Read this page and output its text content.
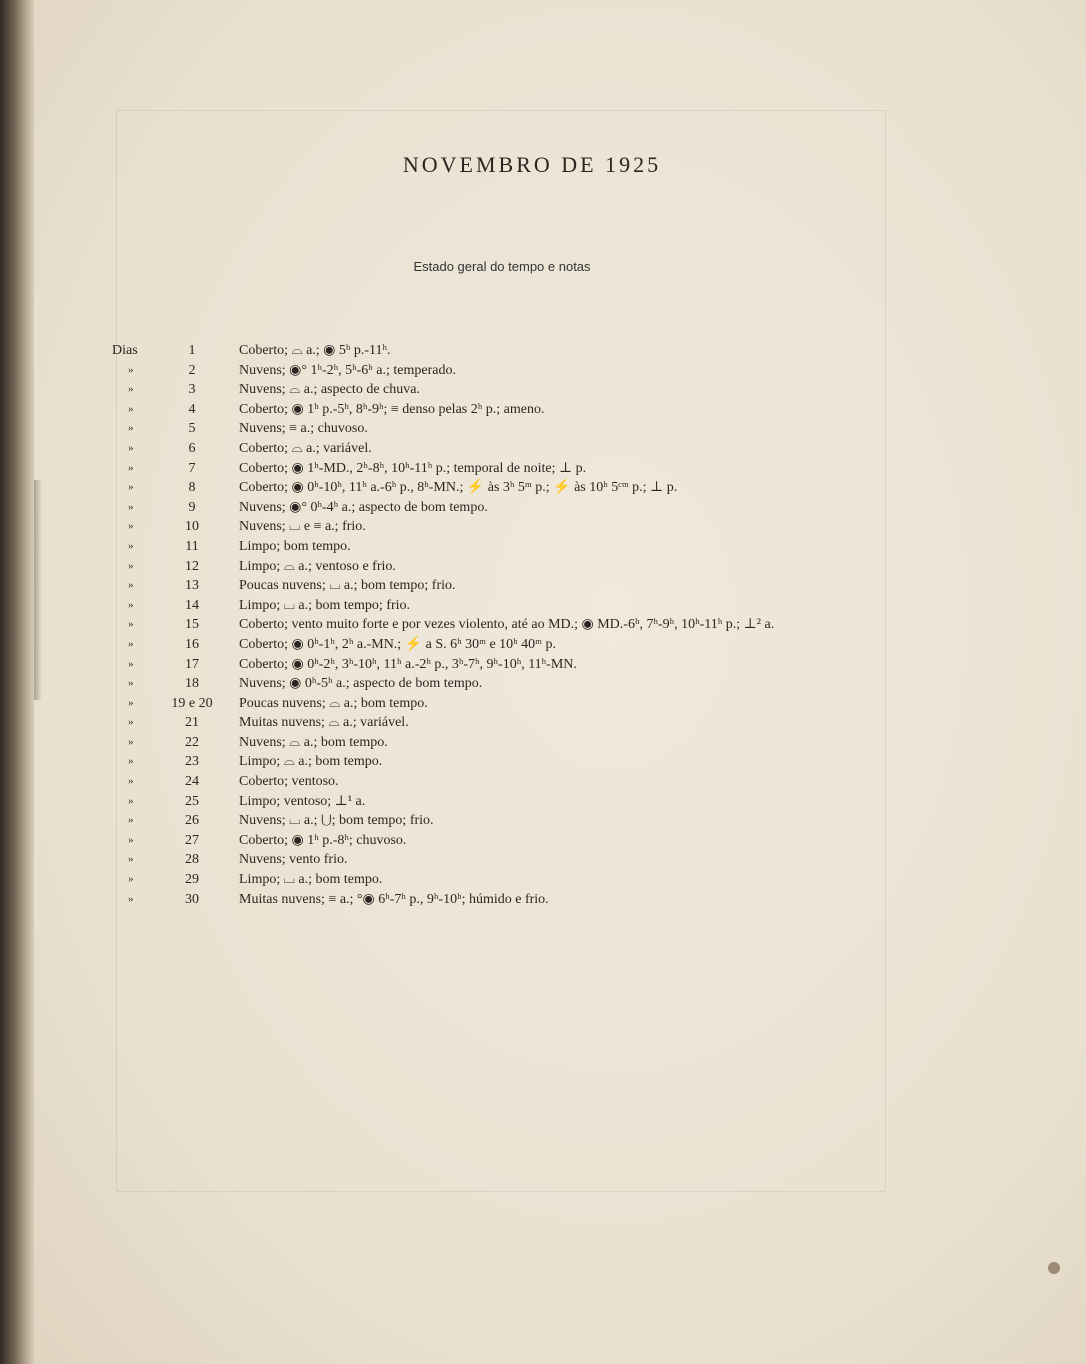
NOVEMBRO DE 1925
Estado geral do tempo e notas
Dias	1	Coberto; ⌓ a.; ◉ 5ʰ p.-11ʰ.
»	2	Nuvens; ◉° 1ʰ-2ʰ, 5ʰ-6ʰ a.; temperado.
»	3	Nuvens; ⌓ a.; aspecto de chuva.
»	4	Coberto; ◉ 1ʰ p.-5ʰ, 8ʰ-9ʰ; ≡ denso pelas 2ʰ p.; ameno.
»	5	Nuvens; ≡ a.; chuvoso.
»	6	Coberto; ⌓ a.; variável.
»	7	Coberto; ◉ 1ʰ-MD., 2ʰ-8ʰ, 10ʰ-11ʰ p.; temporal de noite; ⊥ p.
»	8	Coberto; ◉ 0ʰ-10ʰ, 11ʰ a.-6ʰ p., 8ʰ-MN.; ⚡ às 3ʰ 5ᵐ p.; ⚡ às 10ʰ 5ᶜᵐ p.; ⊥ p.
»	9	Nuvens; ◉° 0ʰ-4ʰ a.; aspecto de bom tempo.
»	10	Nuvens; ⌴ e ≡ a.; frio.
»	11	Limpo; bom tempo.
»	12	Limpo; ⌓ a.; ventoso e frio.
»	13	Poucas nuvens; ⌴ a.; bom tempo; frio.
»	14	Limpo; ⌴ a.; bom tempo; frio.
»	15	Coberto; vento muito forte e por vezes violento, até ao MD.; ◉ MD.-6ʰ, 7ʰ-9ʰ, 10ʰ-11ʰ p.; ⊥² a.
»	16	Coberto; ◉ 0ʰ-1ʰ, 2ʰ a.-MN.; ⚡ a S. 6ʰ 30ᵐ e 10ʰ 40ᵐ p.
»	17	Coberto; ◉ 0ʰ-2ʰ, 3ʰ-10ʰ, 11ʰ a.-2ʰ p., 3ʰ-7ʰ, 9ʰ-10ʰ, 11ʰ-MN.
»	18	Nuvens; ◉ 0ʰ-5ʰ a.; aspecto de bom tempo.
»	19 e 20	Poucas nuvens; ⌓ a.; bom tempo.
»	21	Muitas nuvens; ⌓ a.; variável.
»	22	Nuvens; ⌓ a.; bom tempo.
»	23	Limpo; ⌓ a.; bom tempo.
»	24	Coberto; ventoso.
»	25	Limpo; ventoso; ⊥¹ a.
»	26	Nuvens; ⌴ a.; ⋃; bom tempo; frio.
»	27	Coberto; ◉ 1ʰ p.-8ʰ; chuvoso.
»	28	Nuvens; vento frio.
»	29	Limpo; ⌴ a.; bom tempo.
»	30	Muitas nuvens; ≡ a.; °◉ 6ʰ-7ʰ p., 9ʰ-10ʰ; húmido e frio.
